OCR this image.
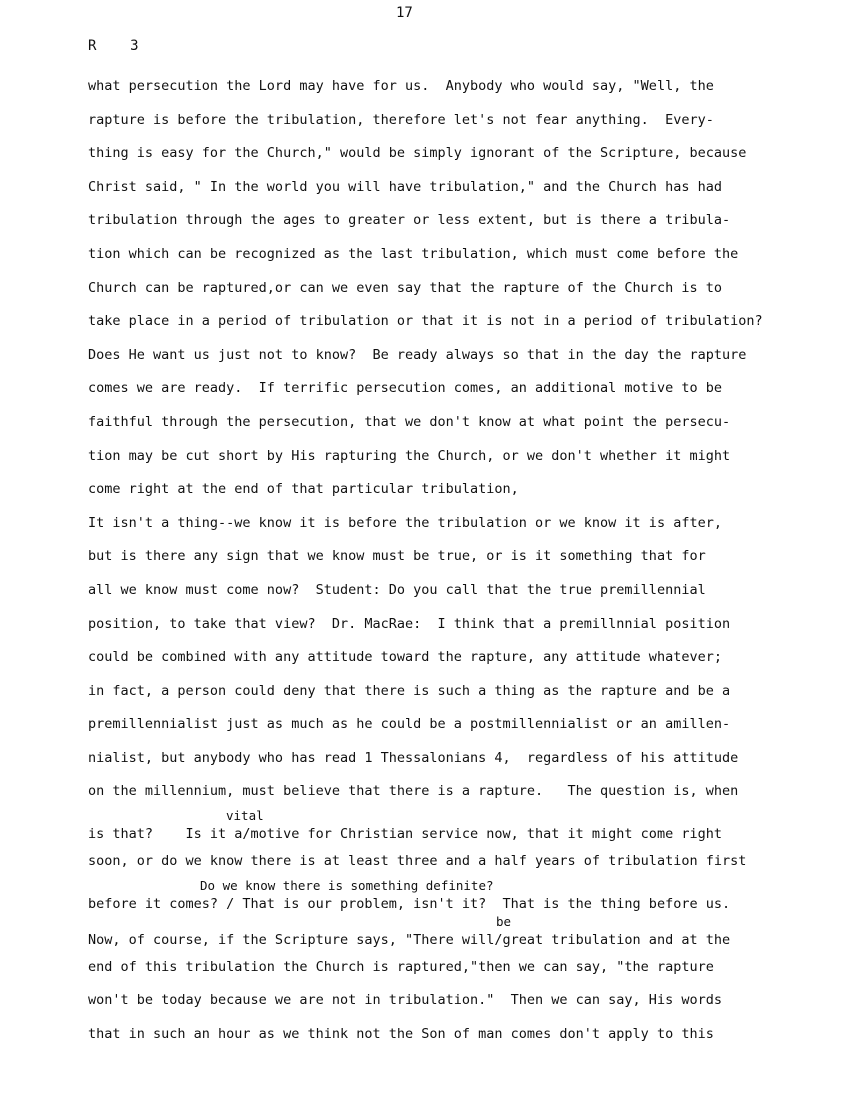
17
R    3
what persecution the Lord may have for us.  Anybody who would say, "Well, the
rapture is before the tribulation, therefore let's not fear anything.  Every-
thing is easy for the Church," would be simply ignorant of the Scripture, because
Christ said, " In the world you will have tribulation," and the Church has had
tribulation through the ages to greater or less extent, but is there a tribula-
tion which can be recognized as the last tribulation, which must come before the
Church can be raptured,or can we even say that the rapture of the Church is to
take place in a period of tribulation or that it is not in a period of tribulation?
Does He want us just not to know?  Be ready always so that in the day the rapture
comes we are ready.  If terrific persecution comes, an additional motive to be
faithful through the persecution, that we don't know at what point the persecu-
tion may be cut short by His rapturing the Church, or we don't whether it might
come right at the end of that particular tribulation,
It isn't a thing--we know it is before the tribulation or we know it is after,
but is there any sign that we know must be true, or is it something that for
all we know must come now?  Student: Do you call that the true premillennial
position, to take that view?  Dr. MacRae:  I think that a premillnnial position
could be combined with any attitude toward the rapture, any attitude whatever;
in fact, a person could deny that there is such a thing as the rapture and be a
premillennialist just as much as he could be a postmillennialist or an amillen-
nialist, but anybody who has read 1 Thessalonians 4,  regardless of his attitude
on the millennium, must believe that there is a rapture.   The question is, when
vital
is that?    Is it a/motive for Christian service now, that it might come right
soon, or do we know there is at least three and a half years of tribulation first
Do we know there is something definite?
before it comes? / That is our problem, isn't it?  That is the thing before us.
be
Now, of course, if the Scripture says, "There will/great tribulation and at the
end of this tribulation the Church is raptured,"then we can say, "the rapture
won't be today because we are not in tribulation."  Then we can say, His words
that in such an hour as we think not the Son of man comes don't apply to this
